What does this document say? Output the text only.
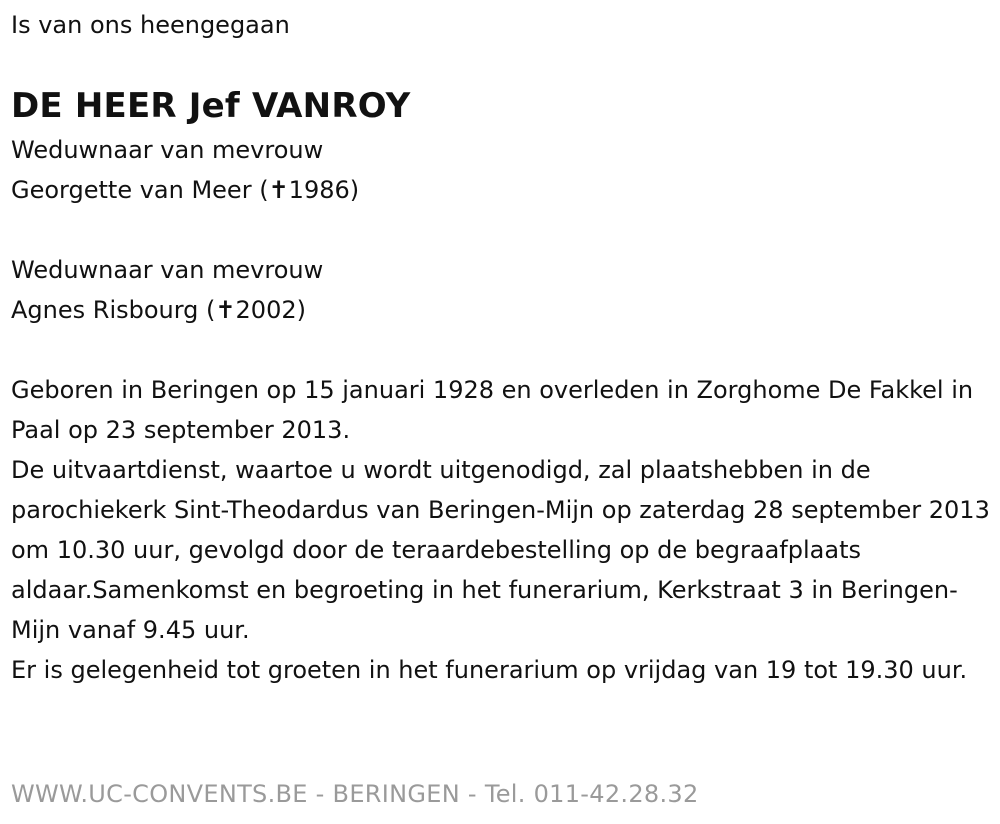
Is van ons heengegaan
DE HEER Jef VANROY
Weduwnaar van mevrouw
Georgette van Meer (✝1986)
Weduwnaar van mevrouw
Agnes Risbourg (✝2002)

Geboren in Beringen op 15 januari 1928 en overleden in Zorghome De Fakkel in Paal op 23 september 2013.

De uitvaartdienst, waartoe u wordt uitgenodigd, zal plaatshebben in de parochiekerk Sint-Theodardus van Beringen-Mijn op zaterdag 28 september 2013 om 10.30 uur, gevolgd door de teraardebestelling op de begraafplaats aldaar.Samenkomst en begroeting in het funerarium, Kerkstraat 3 in Beringen-Mijn vanaf 9.45 uur.

Er is gelegenheid tot groeten in het funerarium op vrijdag van 19 tot 19.30 uur.

WWW.UC-CONVENTS.BE - BERINGEN - Tel. 011-42.28.32
